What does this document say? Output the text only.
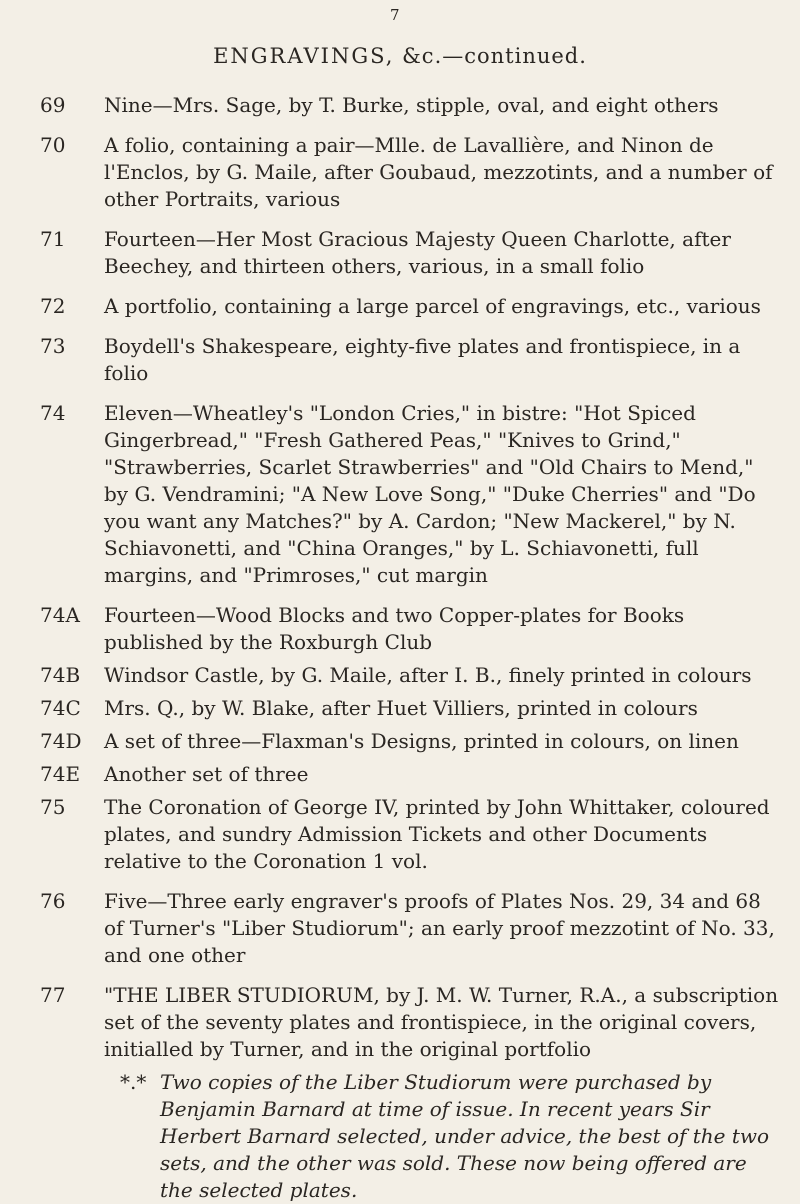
7
ENGRAVINGS, &c.—continued.
69	Nine—Mrs. Sage, by T. Burke, stipple, oval, and eight others
70	A folio, containing a pair—Mlle. de Lavallière, and Ninon de l'Enclos, by G. Maile, after Goubaud, mezzotints, and a number of other Portraits, various
71	Fourteen—Her Most Gracious Majesty Queen Charlotte, after Beechey, and thirteen others, various, in a small folio
72	A portfolio, containing a large parcel of engravings, etc., various
73	Boydell's Shakespeare, eighty-five plates and frontispiece, in a folio
74	Eleven—Wheatley's "London Cries," in bistre: "Hot Spiced Gingerbread," "Fresh Gathered Peas," "Knives to Grind," "Strawberries, Scarlet Strawberries" and "Old Chairs to Mend," by G. Vendramini; "A New Love Song," "Duke Cherries" and "Do you want any Matches?" by A. Cardon; "New Mackerel," by N. Schiavonetti, and "China Oranges," by L. Schiavonetti, full margins, and "Primroses," cut margin
74A	Fourteen—Wood Blocks and two Copper-plates for Books published by the Roxburgh Club
74B	Windsor Castle, by G. Maile, after I. B., finely printed in colours
74C	Mrs. Q., by W. Blake, after Huet Villiers, printed in colours
74D	A set of three—Flaxman's Designs, printed in colours, on linen
74E	Another set of three
75	The Coronation of George IV, printed by John Whittaker, coloured plates, and sundry Admission Tickets and other Documents relative to the Coronation 1 vol.
76	Five—Three early engraver's proofs of Plates Nos. 29, 34 and 68 of Turner's "Liber Studiorum"; an early proof mezzotint of No. 33, and one other
77	"THE LIBER STUDIORUM, by J. M. W. Turner, R.A., a subscription set of the seventy plates and frontispiece, in the original covers, initialled by Turner, and in the original portfolio
*.* Two copies of the Liber Studiorum were purchased by Benjamin Barnard at time of issue. In recent years Sir Herbert Barnard selected, under advice, the best of the two sets, and the other was sold. These now being offered are the selected plates.
